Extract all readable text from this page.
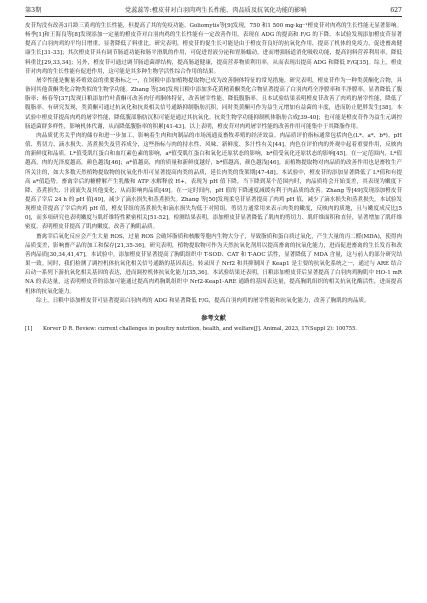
第3期	党蕊蕊等:橙皮苷对白羽肉鸡生长性能、肉品质及抗氧化功能的影响	627

皮苷均没有改善3月龄三黄鸡的生长性能，但提高了其的免疫功能。Goliomytis等[9]发现，750 和1 500 mg·kg⁻¹橙皮苷对肉鸡的生长性能无显著影响。杨季[1]和王海良等[8]发现添加一定量的橙皮苷对白羽肉鸡的生长性能有一定改善作用，表现在 ADG 的提高和 F/G 的下降。本试验发现添加橙皮苷显著提高了白羽肉鸡的平均日增重、显著降低了料重比。研究表明，橙皮苷的促生长可能是由于橙皮苷良好的抗氧化作用，提高了机体的免疫力，促进畜禽健康生长[31-33]；其次橙皮苷具有调节肠道功能和肠平滑肌的作用，可促进胃液分泌和胃肠蠕动，进而增强肠道消化吸收功能，提高饲料营养利用率，降低料重比[29,33,34]；另外，橙皮苷可通过调节肠道菌群结构，提高肠道健康，提高营养物质利用率，从而表现出提高 ADG 和降低 F/G[35]。综上，橙皮苷对肉鸡的生长性能有促进作用，这可能是其多种生物学活性综合作用的结果。

屠宰性能是衡量养殖效益的重要指标之一，在饲粮中添加植物提取物已成为改善胴体特征的常见措施。研究表明，橙皮苷作为一种类黄酮化合物，具备同其他黄酮类化合物类似的生物学功能。Zhang 等[36]发现日粮中添加多花黄精黄酮类化合物显著提高了白羽肉鸡全净膛率和半净膛率，显著降低了腹脂率；杨春等[37]发现日粮添加竹叶黄酮可改善肉仔鸡胴体特征，改善屠宰性能，降低腹脂率。且本试验结果表明橙皮苷改善了肉鸡的屠宰性能，降低了腹脂率。有研究发现，类黄酮可通过抗氧化和抗炎相关信号通路抑制脂肪沉积，同时类黄酮可作为益生元增加有益菌的丰度，进而防止肥胖发生[38]。本试验中橙皮苷提高肉鸡的屠宰性能，降低腹部脂肪沉积可能是通过其抗氧化、抗炎生物学功能抑制机体脂肪合成[39-40]；也可能是橙皮苷作为益生元调控肠道菌群多样性，影响机体代谢，从而降低腹脂率的积累[41-43]。以上表明，橙皮苷对肉鸡屠宰性能的改善作用可能集中于其降脂作用。

肉品质优劣关乎肉的储存和进一步加工，影响着生肉和肉制品的市场流通及畜牧养殖的经济效益。肉品质评价指标通常包括肉色(L*、a*、b*)、pH 值、剪切力、滴水损失、蒸煮损失及营养成分，这些指标与肉的持水性、风味、新鲜度、多汁性有关[44]。肉色在评价肉的外观中起着重要作用，反映肉的新鲜度和品质。L*值受肌红蛋白和血红素色素的影响，a*值受肌红蛋白和氧化还原状态的影响，b*值受氧化还原状态的影响[45]。在一定范围内，L*值越高，肉的光泽度越高，颜色越浅[46]；a*值越高，肉的质量和新鲜度越好，b*值越高，颜色越浅[46]。而植物提取物对肉品质的改善作用也是畜牧生产所关注的，如大多数天然植物提取物的抗氧化作用可显著提高肉类的品质，延长肉类的货架期[47-48]。本试验中，橙皮苷的添加显著降低了 L*值和有提高 a*值趋势。畜禽宰后的糖酵解产生乳酸和 ATP 水解释放 H+，表现为 pH 值下降，当下降到某个范围内时，肉品质将会开始变差，其表现为嫩度下降、蒸煮损失、汁液流失及其他变化，从而影响肉品质[49]。在一定时间内，pH 值的下降速度减缓有利于肉品质的改善。Zhang 等[49]发现添加橙皮苷提高了宰后 24 h 的 pH 值[49]，减少了滴水损失和蒸煮损失。Zhang 等[50]发现柔皂苷显著提高了肉鸡 pH 值，减少了滴水损失和蒸煮损失。本试验发现橙皮苷提高了宰后肉鸡 pH 值，橙皮苷组的蒸煮损失和滴水损失均低于对照组。剪切力通常用来表示肉类的嫩度，反映肉的质地，且与嫩度成反比[50]，而多项研究也表明嫩度与肌纤维特性紧密相关[51-52]。检测结果表明，添加橙皮苷显著降低了肌肉的剪切力、肌纤维面积和直径，显著增加了肌纤维密度，表明橙皮苷提高了肌肉嫩度，改善了胸肌品质。

畜禽宰后氧化反应会产生大量 ROS，过量 ROS 会破坏脂质和核酸等胞内生物大分子，导致脂质和蛋白质过氧化，产生大量的丙二醛(MDA)，使得肉品质变差，影响畜产品的加工和保存[21,35-36]。研究表明，植物提取物可作为天然抗氧化剂用以提高畜禽的抗氧化能力，进而促进畜禽的生长发育和改善肉品质[30,34,41,47]。本试验中，添加橙皮苷显著提高了胸肌组织中 T-SOD、CAT 和 T-AOC 活性，显著降低了 MDA 含量，这与前人的部分研究结果一致。同时，我们检测了调控机体抗氧化相关信号通路的基因表达。转录因子 Nrf2 和其抑制因子 Keap1 是主要的抗氧化系统之一，通过与 ARE 结合启动一系列下游抗氧化相关基因的表达，进而调控机体抗氧化能力[35,36]。本试验结果还表明，日粮添加橙皮苷后显著提高了白羽肉鸡胸肌中 HO-1 mRNA 的表达量，这表明橙皮苷的添加可能通过提高肉鸡胸肌组织中 Nrf2-Keap1-ARE 通路的基因表达量，提高胸肌组织的相关抗氧化酶活性，进而提高机体的抗氧化能力。

综上，日粮中添加橙皮苷可显著提高白羽肉鸡的 ADG 和显著降低 F/G，提高白羽肉鸡的屠宰性能和抗氧化能力，改善了胸肌的肉品质。

参考文献
[1]	Korver D R. Review: current challenges in poultry nutrition, health, and welfare[J]. Animal, 2023, 17(Suppl 2): 100755.
